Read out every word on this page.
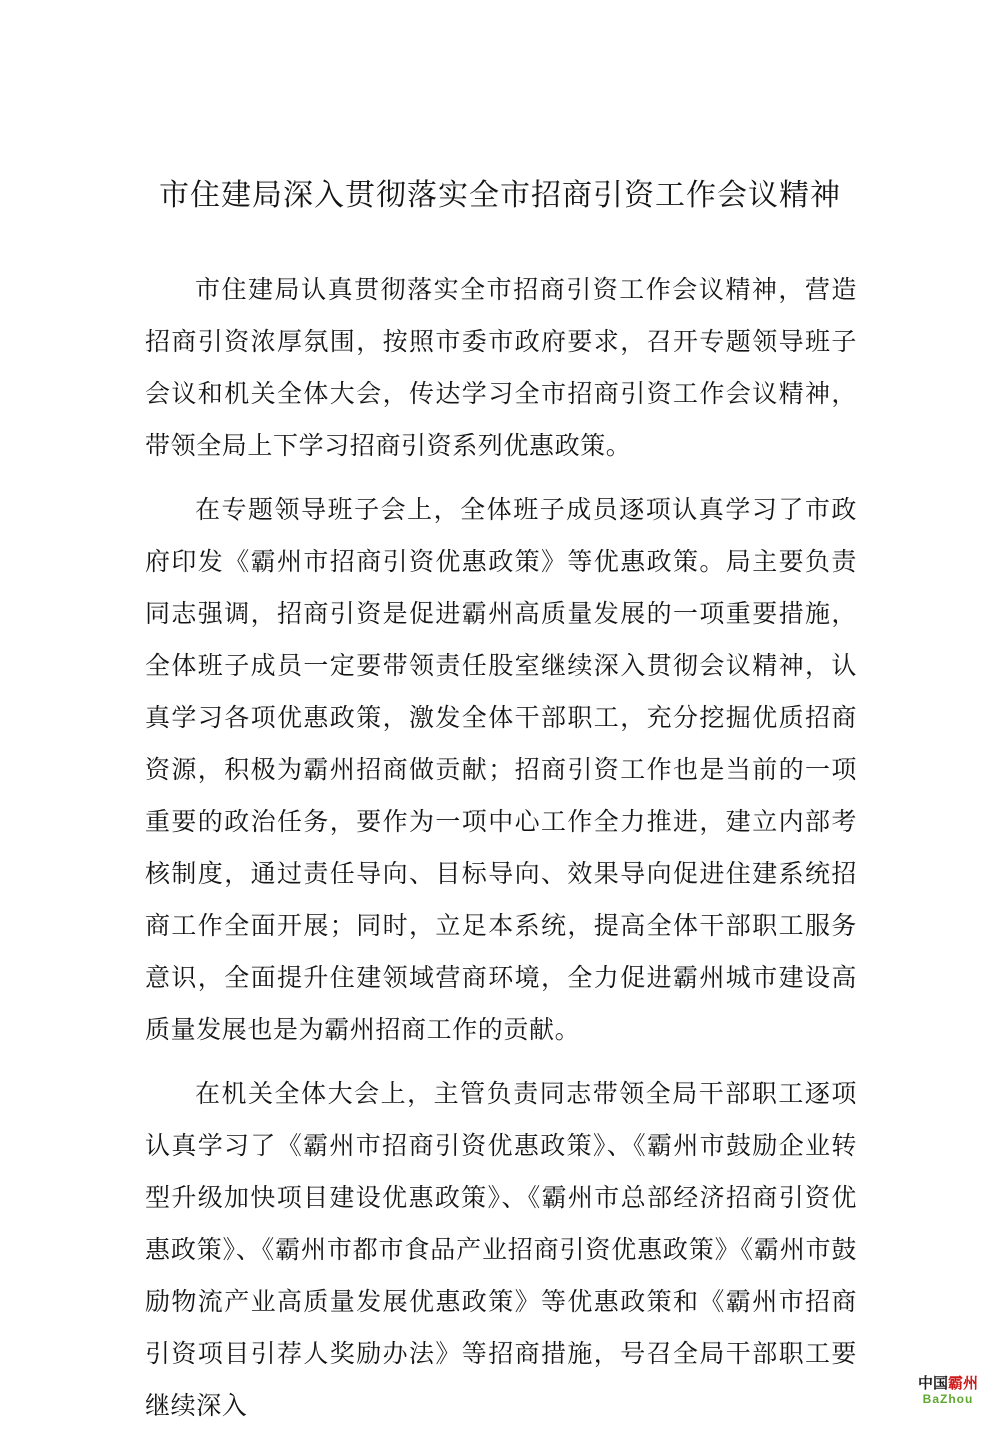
市住建局深入贯彻落实全市招商引资工作会议精神

市住建局认真贯彻落实全市招商引资工作会议精神，营造招商引资浓厚氛围，按照市委市政府要求，召开专题领导班子会议和机关全体大会，传达学习全市招商引资工作会议精神，带领全局上下学习招商引资系列优惠政策。

在专题领导班子会上，全体班子成员逐项认真学习了市政府印发《霸州市招商引资优惠政策》等优惠政策。局主要负责同志强调，招商引资是促进霸州高质量发展的一项重要措施，全体班子成员一定要带领责任股室继续深入贯彻会议精神，认真学习各项优惠政策，激发全体干部职工，充分挖掘优质招商资源，积极为霸州招商做贡献；招商引资工作也是当前的一项重要的政治任务，要作为一项中心工作全力推进，建立内部考核制度，通过责任导向、目标导向、效果导向促进住建系统招商工作全面开展；同时，立足本系统，提高全体干部职工服务意识，全面提升住建领域营商环境，全力促进霸州城市建设高质量发展也是为霸州招商工作的贡献。

在机关全体大会上，主管负责同志带领全局干部职工逐项认真学习了《霸州市招商引资优惠政策》、《霸州市鼓励企业转型升级加快项目建设优惠政策》、《霸州市总部经济招商引资优惠政策》、《霸州市都市食品产业招商引资优惠政策》《霸州市鼓励物流产业高质量发展优惠政策》等优惠政策和《霸州市招商引资项目引荐人奖励办法》等招商措施，号召全局干部职工要继续深入

中国霸州
BaZhou
